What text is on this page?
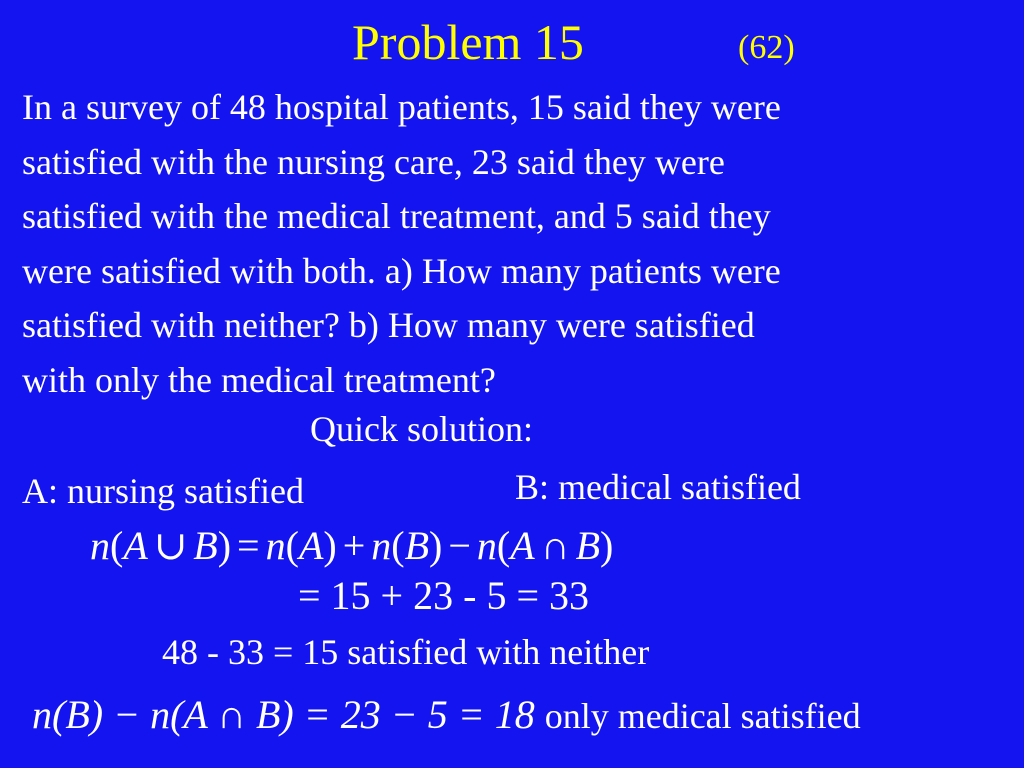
Problem 15	(62)
In a survey of 48 hospital patients, 15 said they were
satisfied with the nursing care, 23 said they were
satisfied with the medical treatment, and 5 said they
were satisfied with both. a) How many patients were
satisfied with neither? b) How many were satisfied
with only the medical treatment?
Quick solution:
A: nursing satisfied	B: medical satisfied
n(A ∪ B) = n(A) + n(B) − n(A ∩ B)
= 15 + 23 - 5 = 33
48 - 33 = 15 satisfied with neither
n(B) − n(A ∩ B) = 23 − 5 = 18 only medical satisfied
